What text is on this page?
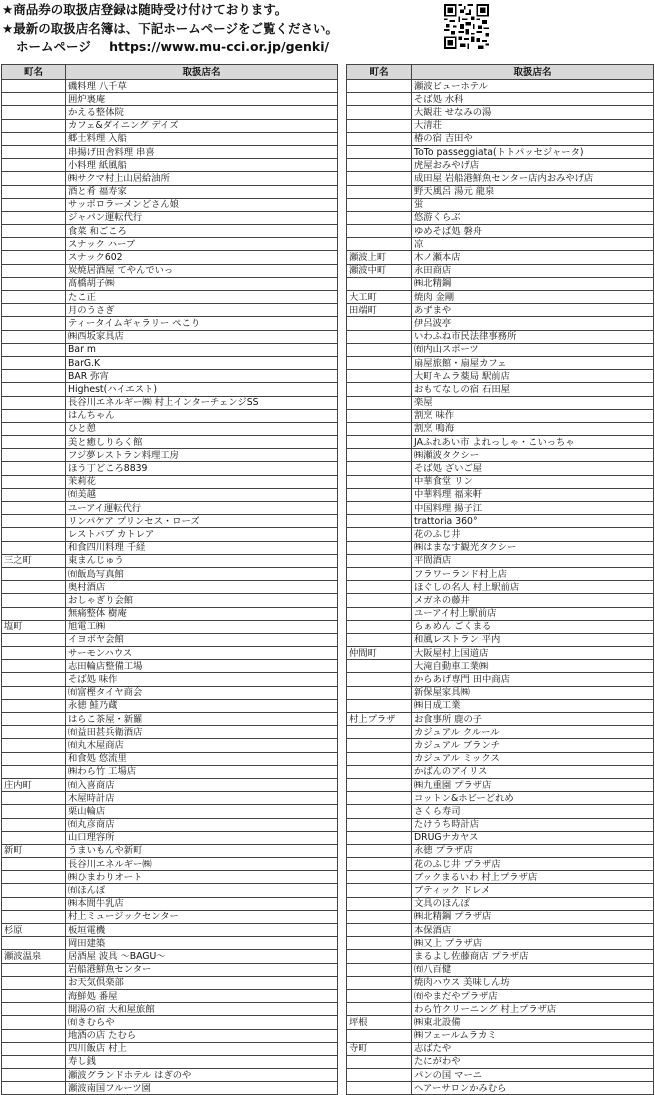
★商品券の取扱店登録は随時受け付けております。
★最新の取扱店名簿は、下記ホームページをご覧ください。
ホームページ https://www.mu-cci.or.jp/genki/
町名	取扱店名
	磯料理 八千草
	囲炉裏庵
	かえる整体院
	カフェ&ダイニング デイズ
	郷土料理 入船
	串揚げ田舎料理 串喜
	小料理 紙風船
	㈱サクマ村上山居給油所
	酒と肴 福寿家
	サッポロラーメンどさん娘
	ジャパン運転代行
	食菜 和ごころ
	スナック ハーブ
	スナック602
	炭焼居酒屋 てやんでいっ
	髙橋胡子㈱
	たこ正
	月のうさぎ
	ティータイムギャラリー ぺこり
	㈱西坂家具店
	Bar m
	BarG.K
	BAR 弥宵
	Highest(ハイエスト)
	長谷川エネルギー㈱ 村上インターチェンジSS
	はんちゃん
	ひと憩
	美と癒しりらく館
	フジ夢レストラン料理工房
	ほう丁どころ8839
	茉莉花
	㈲美越
	ユーアイ運転代行
	リンパケア プリンセス・ローズ
	レストバブ カトレア
	和食四川料理 千経
三之町	東まんじゅう
	㈲飯島写真館
	奥村酒店
	おしゃぎり会館
	無痛整体 樹庵
塩町	旭電工㈱
	イヨボヤ会館
	サーモンハウス
	志田輪店整備工場
	そば処 味作
	㈲富樫タイヤ商会
	永徳 鮭乃蔵
	はらこ茶屋・新羅
	㈲益田甚兵衛酒店
	㈲丸木屋商店
	和食処 悠流里
	㈱わら竹 工場店
庄内町	㈲入喜商店
	木屋時計店
	栗山輪店
	㈲丸彦商店
	山口理容所
新町	うまいもんや新町
	長谷川エネルギー㈱
	㈱ひまわりオート
	㈲ほんぽ
	㈱本間牛乳店
	村上ミュージックセンター
杉原	板垣電機
	岡田建築
瀬波温泉	居酒屋 波具 ～BAGU～
	岩船港鮮魚センター
	お天気倶楽部
	海鮮処 番屋
	開湯の宿 大和屋旅館
	㈲きむらや
	地酒の店 たむら
	四川飯店 村上
	寿し銭
	瀬波グランドホテル はぎのや
	瀬波南国フルーツ園
町名	取扱店名
	瀬波ビューホテル
	そば処 水科
	大観荘 せなみの湯
	大清荘
	椿の宿 吉田や
	ToTo passeggiata(トトパッセジャータ)
	虎屋おみやげ店
	成田屋 岩船港鮮魚センター店内おみやげ店
	野天風呂 湯元 龍泉
	蛍
	悠游くらぶ
	ゆめそば処 磐舟
	凉
瀬波上町	木ノ瀬本店
瀬波中町	永田商店
	㈱北精鋼
大工町	焼肉 金剛
田端町	あずまや
	伊呂波亭
	いわふね市民法律事務所
	㈲内山スポーツ
	扇屋旅館・扇屋カフェ
	大町キムラ薬局 駅前店
	おもてなしの宿 石田屋
	楽屋
	割烹 味作
	割烹 鳴海
	JAふれあい市 よれっしゃ・こいっちゃ
	㈱瀬波タクシー
	そば処 ざいご屋
	中華食堂 リン
	中華料理 福来軒
	中国料理 揚子江
	trattoria 360°
	花のふじ井
	㈱はまなす観光タクシー
	平間酒店
	フラワーランド村上店
	ほぐしの名人 村上駅前店
	メガネの藤井
	ユーアイ村上駅前店
	らぁめん ごくまる
	和風レストラン 平内
仲間町	大阪屋村上国道店
	大滝自動車工業㈱
	からあげ専門 田中商店
	新保屋家具㈱
	㈱日成工業
村上プラザ	お食事所 鹿の子
	カジュアル クルール
	カジュアル ブランチ
	カジュアル ミックス
	かばんのアイリス
	㈱九重園 プラザ店
	コットン&ホビーどれめ
	さくら寿司
	たけうち時計店
	DRUGナカヤス
	永徳 プラザ店
	花のふじ井 プラザ店
	ブックまるいわ 村上プラザ店
	ブティック ドレメ
	文具のほんぽ
	㈱北精鋼 プラザ店
	本保酒店
	㈱又上 プラザ店
	まるよし佐藤商店 プラザ店
	㈲八百健
	焼肉ハウス 美味しん坊
	㈲やまだやプラザ店
	わら竹クリーニング 村上プラザ店
坪根	㈱東北設備
	㈱フェールムラカミ
寺町	志ばたや
	たにがわや
	パンの国 マーニ
	ヘアーサロンかみむら
